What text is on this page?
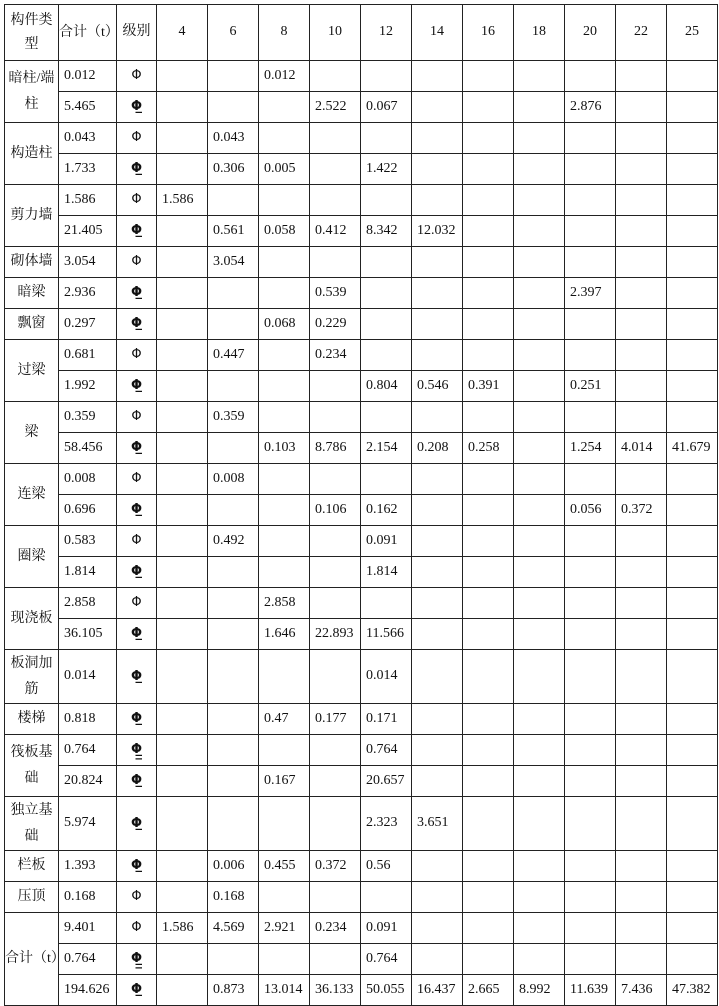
构件类型	合计（t）	级别	4	6	8	10	12	14	16	18	20	22	25
暗柱/端柱	0.012	Φ			0.012								
	5.465	Φ̲				2.522	0.067				2.876		
构造柱	0.043	Φ		0.043									
	1.733	Φ̲		0.306	0.005		1.422						
剪力墙	1.586	Φ	1.586										
	21.405	Φ̲		0.561	0.058	0.412	8.342	12.032					
砌体墙	3.054	Φ		3.054									
暗梁	2.936	Φ̲				0.539					2.397		
飘窗	0.297	Φ̲			0.068	0.229							
过梁	0.681	Φ		0.447		0.234							
	1.992	Φ̲					0.804	0.546	0.391		0.251		
梁	0.359	Φ		0.359									
	58.456	Φ̲			0.103	8.786	2.154	0.208	0.258		1.254	4.014	41.679
连梁	0.008	Φ		0.008									
	0.696	Φ̲				0.106	0.162				0.056	0.372	
圈梁	0.583	Φ		0.492			0.091						
	1.814	Φ̲					1.814						
现浇板	2.858	Φ			2.858								
	36.105	Φ̲			1.646	22.893	11.566						
板洞加筋	0.014	Φ̲					0.014						
楼梯	0.818	Φ̲			0.47	0.177	0.171						
筏板基础	0.764	Φ̲̲					0.764						
	20.824	Φ̲			0.167		20.657						
独立基础	5.974	Φ̲					2.323	3.651					
栏板	1.393	Φ̲		0.006	0.455	0.372	0.56						
压顶	0.168	Φ		0.168									
合计（t）	9.401	Φ	1.586	4.569	2.921	0.234	0.091						
	0.764	Φ̲̲					0.764						
	194.626	Φ̲		0.873	13.014	36.133	50.055	16.437	2.665	8.992	11.639	7.436	47.382
